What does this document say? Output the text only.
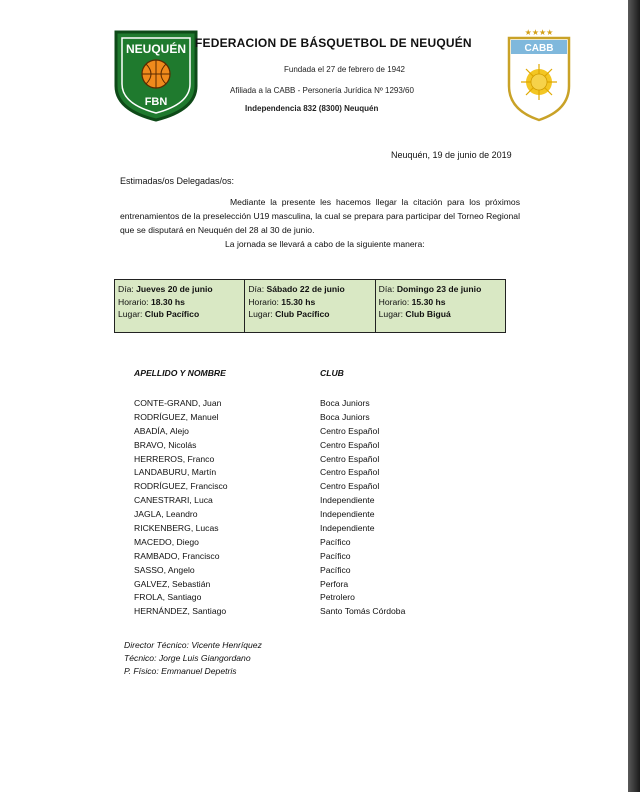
NEUQUÉN
FBN
FEDERACION DE BÁSQUETBOL DE NEUQUÉN
Fundada el 27 de febrero de 1942
Afiliada a la CABB - Personería Jurídica Nº 1293/60
Independencia 832 (8300) Neuquén
★★★★
CABB
Neuquén, 19 de junio de 2019
Estimadas/os Delegadas/os:
Mediante la presente les hacemos llegar la citación para los próximos entrenamientos de la preselección U19 masculina, la cual se prepara para participar del Torneo Regional que se disputará en Neuquén del 28 al 30 de junio.
La jornada se llevará a cabo de la siguiente manera:
Día: Jueves 20 de junio
Horario: 18.30 hs
Lugar: Club Pacífico
Día: Sábado 22 de junio
Horario: 15.30 hs
Lugar: Club Pacífico
Día: Domingo 23 de junio
Horario: 15.30 hs
Lugar: Club Biguá
APELLIDO Y NOMBRE	CLUB
CONTE-GRAND, Juan
RODRÍGUEZ, Manuel
ABADÍA, Alejo
BRAVO, Nicolás
HERREROS, Franco
LANDABURU, Martín
RODRÍGUEZ, Francisco
CANESTRARI, Luca
JAGLA, Leandro
RICKENBERG, Lucas
MACEDO, Diego
RAMBADO, Francisco
SASSO, Angelo
GALVEZ, Sebastián
FROLA, Santiago
HERNÁNDEZ, Santiago
Boca Juniors
Boca Juniors
Centro Español
Centro Español
Centro Español
Centro Español
Centro Español
Independiente
Independiente
Independiente
Pacífico
Pacífico
Pacífico
Perfora
Petrolero
Santo Tomás Córdoba
Director Técnico: Vicente Henríquez
Técnico: Jorge Luis Giangordano
P. Físico: Emmanuel Depetris
